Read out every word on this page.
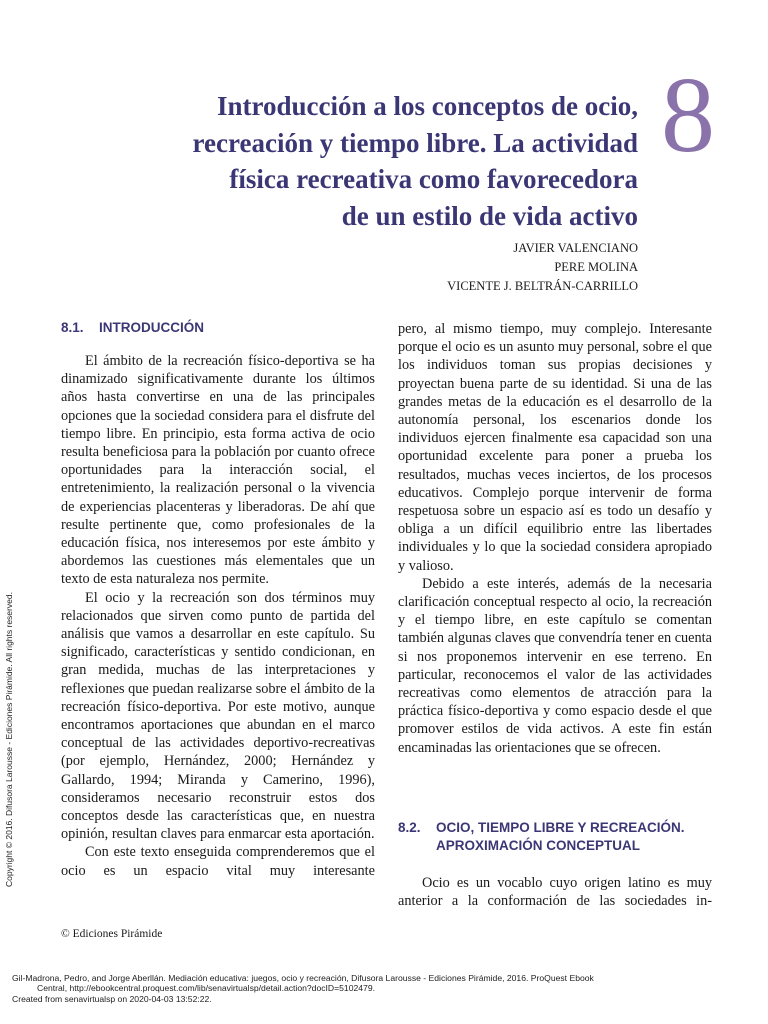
Introducción a los conceptos de ocio,
recreación y tiempo libre. La actividad
física recreativa como favorecedora
de un estilo de vida activo
8
JAVIER VALENCIANO
PERE MOLINA
VICENTE J. BELTRÁN-CARRILLO
8.1. INTRODUCCIÓN

El ámbito de la recreación físico-deportiva se ha dinamizado significativamente durante los últimos años hasta convertirse en una de las principales opciones que la sociedad considera para el disfrute del tiempo libre. En principio, esta forma activa de ocio resulta beneficiosa para la población por cuanto ofrece oportunidades para la interacción social, el entretenimiento, la realización personal o la vivencia de experiencias placenteras y liberadoras. De ahí que resulte pertinente que, como profesionales de la educación física, nos interesemos por este ámbito y abordemos las cuestiones más elementales que un texto de esta naturaleza nos permite.

El ocio y la recreación son dos términos muy relacionados que sirven como punto de partida del análisis que vamos a desarrollar en este capítulo. Su significado, características y sentido condicionan, en gran medida, muchas de las interpretaciones y reflexiones que puedan realizarse sobre el ámbito de la recreación físico-deportiva. Por este motivo, aunque encontramos aportaciones que abundan en el marco conceptual de las actividades deportivo-recreativas (por ejemplo, Hernández, 2000; Hernández y Gallardo, 1994; Miranda y Camerino, 1996), consideramos necesario reconstruir estos dos conceptos desde las características que, en nuestra opinión, resultan claves para enmarcar esta aportación.

Con este texto enseguida comprenderemos que el ocio es un espacio vital muy interesante

pero, al mismo tiempo, muy complejo. Interesante porque el ocio es un asunto muy personal, sobre el que los individuos toman sus propias decisiones y proyectan buena parte de su identidad. Si una de las grandes metas de la educación es el desarrollo de la autonomía personal, los escenarios donde los individuos ejercen finalmente esa capacidad son una oportunidad excelente para poner a prueba los resultados, muchas veces inciertos, de los procesos educativos. Complejo porque intervenir de forma respetuosa sobre un espacio así es todo un desafío y obliga a un difícil equilibrio entre las libertades individuales y lo que la sociedad considera apropiado y valioso.

Debido a este interés, además de la necesaria clarificación conceptual respecto al ocio, la recreación y el tiempo libre, en este capítulo se comentan también algunas claves que convendría tener en cuenta si nos proponemos intervenir en ese terreno. En particular, reconocemos el valor de las actividades recreativas como elementos de atracción para la práctica físico-deportiva y como espacio desde el que promover estilos de vida activos. A este fin están encaminadas las orientaciones que se ofrecen.

8.2. OCIO, TIEMPO LIBRE Y RECREACIÓN.
APROXIMACIÓN CONCEPTUAL

Ocio es un vocablo cuyo origen latino es muy anterior a la conformación de las sociedades in-

© Ediciones Pirámide
Copyright © 2016. Difusora Larousse - Ediciones Pirámide. All rights reserved.
Gil-Madrona, Pedro, and Jorge Aberllán. Mediación educativa: juegos, ocio y recreación, Difusora Larousse - Ediciones Pirámide, 2016. ProQuest Ebook
Central, http://ebookcentral.proquest.com/lib/senavirtualsp/detail.action?docID=5102479.
Created from senavirtualsp on 2020-04-03 13:52:22.
